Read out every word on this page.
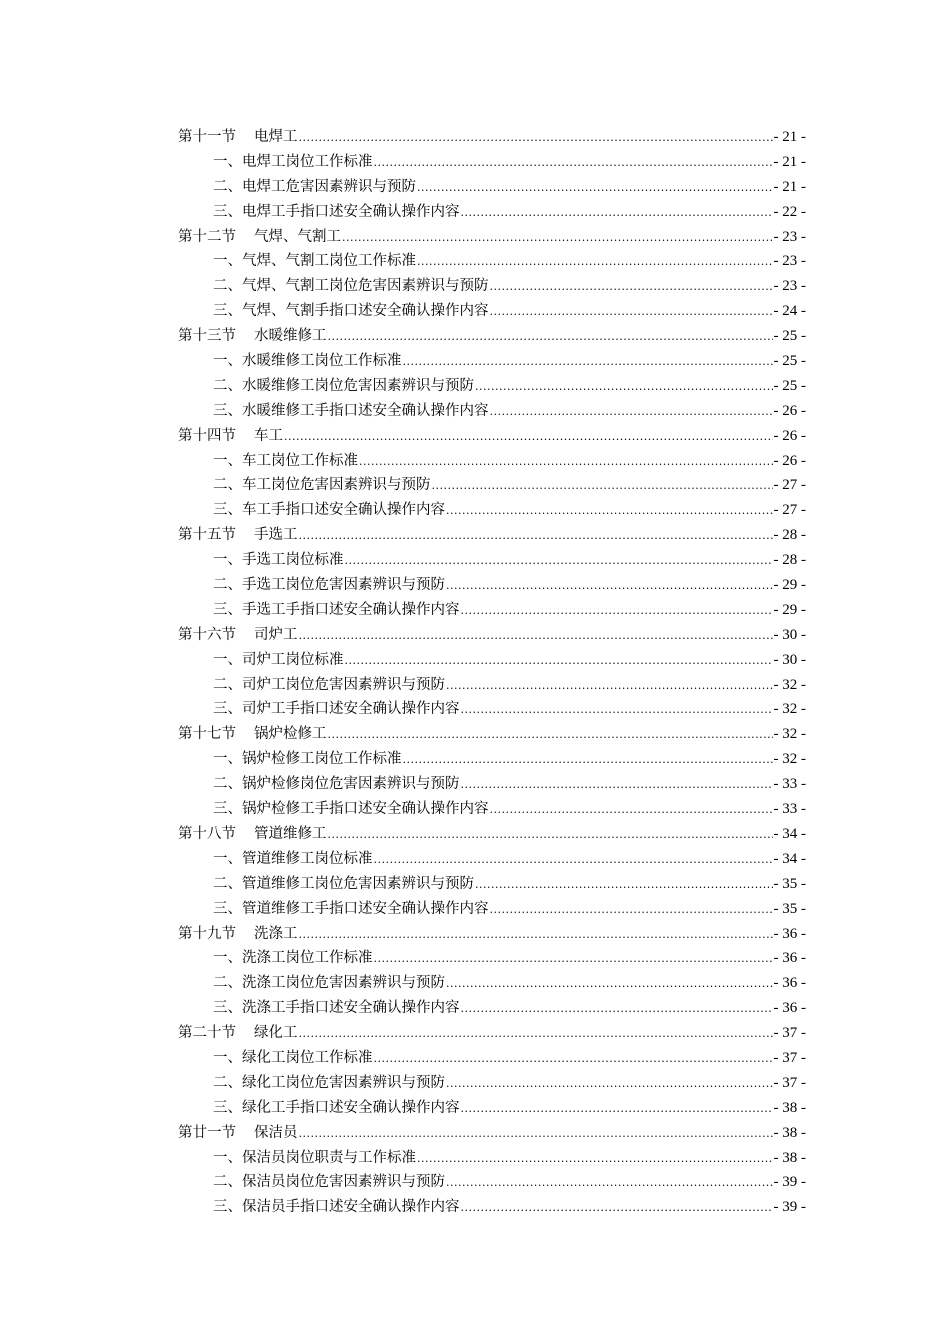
第十一节 电焊工 .....	- 21 -
一、电焊工岗位工作标准 .....	- 21 -
二、电焊工危害因素辨识与预防 .....	- 21 -
三、电焊工手指口述安全确认操作内容 .....	- 22 -
第十二节 气焊、气割工 .....	- 23 -
一、气焊、气割工岗位工作标准 .....	- 23 -
二、气焊、气割工岗位危害因素辨识与预防 .....	- 23 -
三、气焊、气割手指口述安全确认操作内容 .....	- 24 -
第十三节 水暖维修工 .....	- 25 -
一、水暖维修工岗位工作标准 .....	- 25 -
二、水暖维修工岗位危害因素辨识与预防 .....	- 25 -
三、水暖维修工手指口述安全确认操作内容 .....	- 26 -
第十四节 车工 .....	- 26 -
一、车工岗位工作标准 .....	- 26 -
二、车工岗位危害因素辨识与预防 .....	- 27 -
三、车工手指口述安全确认操作内容 .....	- 27 -
第十五节 手选工 .....	- 28 -
一、手选工岗位标准 .....	- 28 -
二、手选工岗位危害因素辨识与预防 .....	- 29 -
三、手选工手指口述安全确认操作内容 .....	- 29 -
第十六节 司炉工 .....	- 30 -
一、司炉工岗位标准 .....	- 30 -
二、司炉工岗位危害因素辨识与预防 .....	- 32 -
三、司炉工手指口述安全确认操作内容 .....	- 32 -
第十七节 锅炉检修工 .....	- 32 -
一、锅炉检修工岗位工作标准 .....	- 32 -
二、锅炉检修岗位危害因素辨识与预防 .....	- 33 -
三、锅炉检修工手指口述安全确认操作内容 .....	- 33 -
第十八节 管道维修工 .....	- 34 -
一、管道维修工岗位标准 .....	- 34 -
二、管道维修工岗位危害因素辨识与预防 .....	- 35 -
三、管道维修工手指口述安全确认操作内容 .....	- 35 -
第十九节 洗涤工 .....	- 36 -
一、洗涤工岗位工作标准 .....	- 36 -
二、洗涤工岗位危害因素辨识与预防 .....	- 36 -
三、洗涤工手指口述安全确认操作内容 .....	- 36 -
第二十节 绿化工 .....	- 37 -
一、绿化工岗位工作标准 .....	- 37 -
二、绿化工岗位危害因素辨识与预防 .....	- 37 -
三、绿化工手指口述安全确认操作内容 .....	- 38 -
第廿一节 保洁员 .....	- 38 -
一、保洁员岗位职责与工作标准 .....	- 38 -
二、保洁员岗位危害因素辨识与预防 .....	- 39 -
三、保洁员手指口述安全确认操作内容 .....	- 39 -
